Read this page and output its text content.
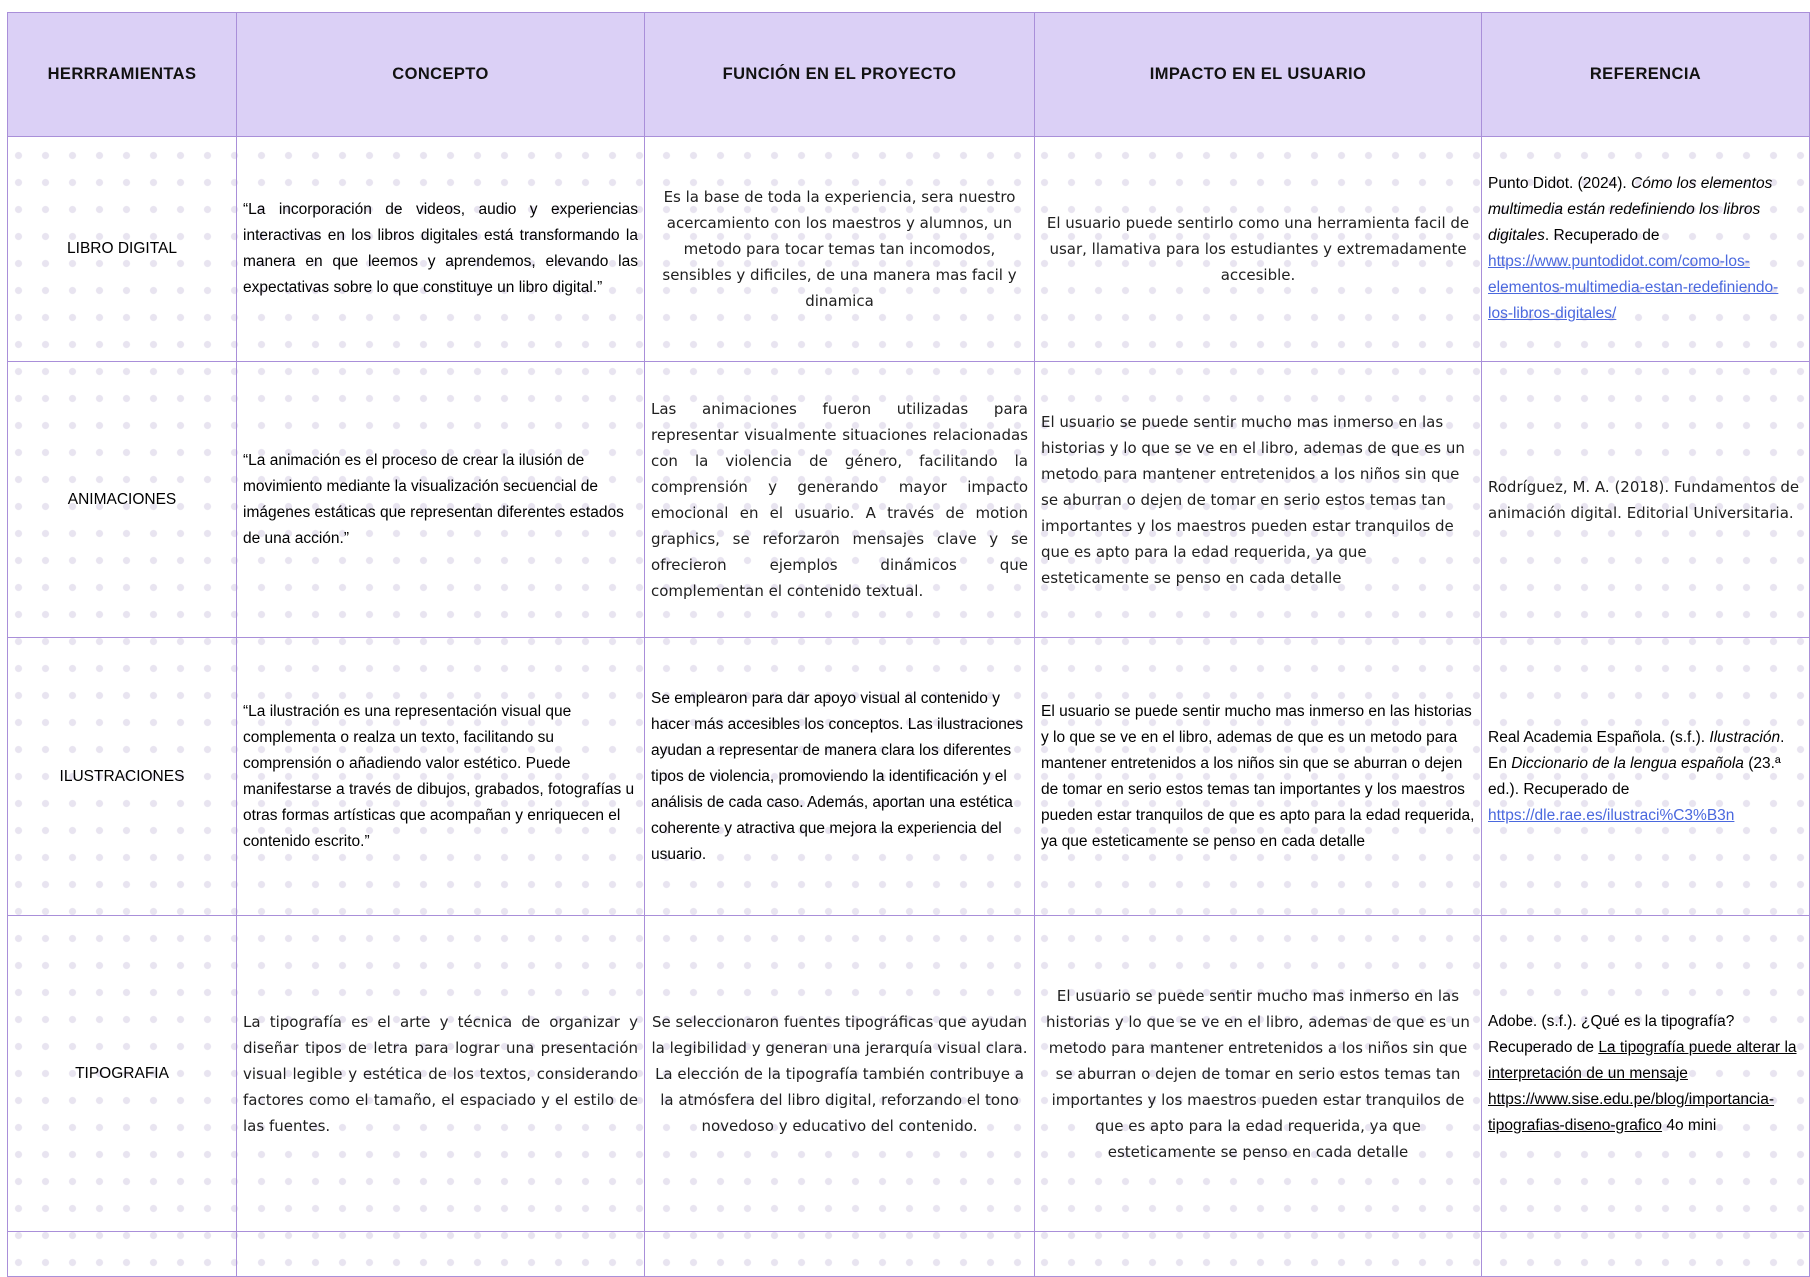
HERRRAMIENTAS	CONCEPTO	FUNCIÓN EN EL PROYECTO	IMPACTO EN EL USUARIO	REFERENCIA
LIBRO DIGITAL	“La incorporación de videos, audio y experiencias interactivas en los libros digitales está transformando la manera en que leemos y aprendemos, elevando las expectativas sobre lo que constituye un libro digital.”	Es la base de toda la experiencia, sera nuestro acercamiento con los maestros y alumnos, un metodo para tocar temas tan incomodos, sensibles y dificiles, de una manera mas facil y dinamica	El usuario puede sentirlo como una herramienta facil de usar, llamativa para los estudiantes y extremadamente accesible.	Punto Didot. (2024). Cómo los elementos multimedia están redefiniendo los libros digitales. Recuperado de https://www.puntodidot.com/como-los-elementos-multimedia-estan-redefiniendo-los-libros-digitales/
ANIMACIONES	“La animación es el proceso de crear la ilusión de movimiento mediante la visualización secuencial de imágenes estáticas que representan diferentes estados de una acción.”	Las animaciones fueron utilizadas para representar visualmente situaciones relacionadas con la violencia de género, facilitando la comprensión y generando mayor impacto emocional en el usuario. A través de motion graphics, se reforzaron mensajes clave y se ofrecieron ejemplos dinámicos que complementan el contenido textual.	El usuario se puede sentir mucho mas inmerso en las historias y lo que se ve en el libro, ademas de que es un metodo para mantener entretenidos a los niños sin que se aburran o dejen de tomar en serio estos temas tan importantes y los maestros pueden estar tranquilos de que es apto para la edad requerida, ya que esteticamente se penso en cada detalle	Rodríguez, M. A. (2018). Fundamentos de animación digital. Editorial Universitaria.
ILUSTRACIONES	“La ilustración es una representación visual que complementa o realza un texto, facilitando su comprensión o añadiendo valor estético. Puede manifestarse a través de dibujos, grabados, fotografías u otras formas artísticas que acompañan y enriquecen el contenido escrito.”	Se emplearon para dar apoyo visual al contenido y hacer más accesibles los conceptos. Las ilustraciones ayudan a representar de manera clara los diferentes tipos de violencia, promoviendo la identificación y el análisis de cada caso. Además, aportan una estética coherente y atractiva que mejora la experiencia del usuario.	El usuario se puede sentir mucho mas inmerso en las historias y lo que se ve en el libro, ademas de que es un metodo para mantener entretenidos a los niños sin que se aburran o dejen de tomar en serio estos temas tan importantes y los maestros pueden estar tranquilos de que es apto para la edad requerida, ya que esteticamente se penso en cada detalle	Real Academia Española. (s.f.). Ilustración. En Diccionario de la lengua española (23.ª ed.). Recuperado de https://dle.rae.es/ilustraci%C3%B3n
TIPOGRAFIA	La tipografía es el arte y técnica de organizar y diseñar tipos de letra para lograr una presentación visual legible y estética de los textos, considerando factores como el tamaño, el espaciado y el estilo de las fuentes.	Se seleccionaron fuentes tipográficas que ayudan la legibilidad y generan una jerarquía visual clara. La elección de la tipografía también contribuye a la atmósfera del libro digital, reforzando el tono novedoso y educativo del contenido.	El usuario se puede sentir mucho mas inmerso en las historias y lo que se ve en el libro, ademas de que es un metodo para mantener entretenidos a los niños sin que se aburran o dejen de tomar en serio estos temas tan importantes y los maestros pueden estar tranquilos de que es apto para la edad requerida, ya que esteticamente se penso en cada detalle	Adobe. (s.f.). ¿Qué es la tipografía? Recuperado de La tipografía puede alterar la interpretación de un mensaje https://www.sise.edu.pe/blog/importancia-tipografias-diseno-grafico 4o mini
